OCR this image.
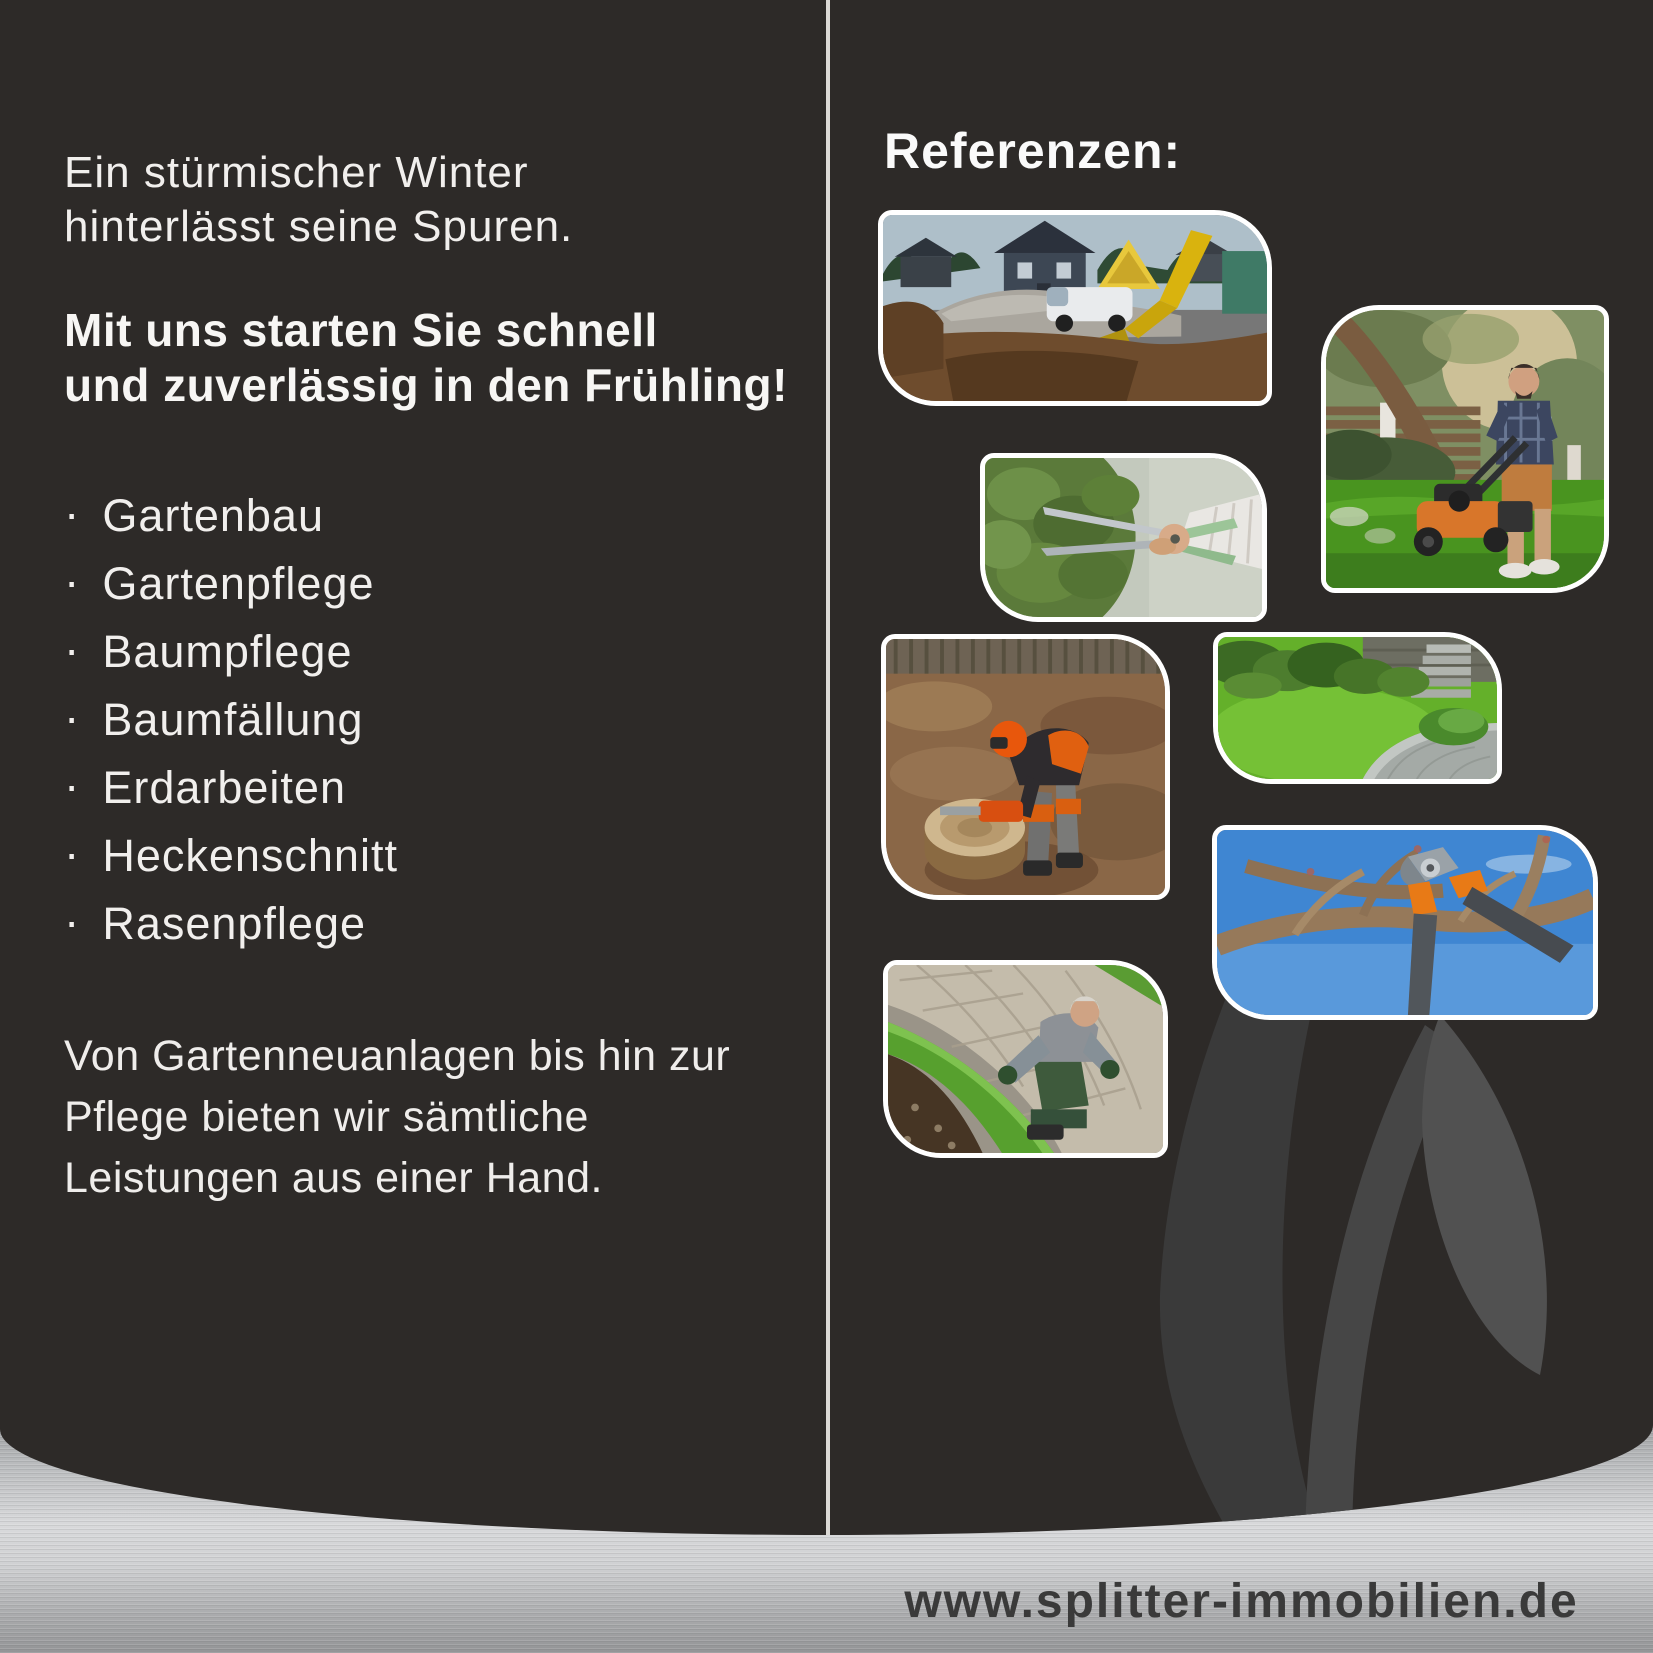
Ein stürmischer Winter
hinterlässt seine Spuren.
Mit uns starten Sie schnell
und zuverlässig in den Frühling!
· Gartenbau
· Gartenpflege
· Baumpflege
· Baumfällung
· Erdarbeiten
· Heckenschnitt
· Rasenpflege
Von Gartenneuanlagen bis hin zur
Pflege bieten wir sämtliche
Leistungen aus einer Hand.
Referenzen:
www.splitter-immobilien.de
